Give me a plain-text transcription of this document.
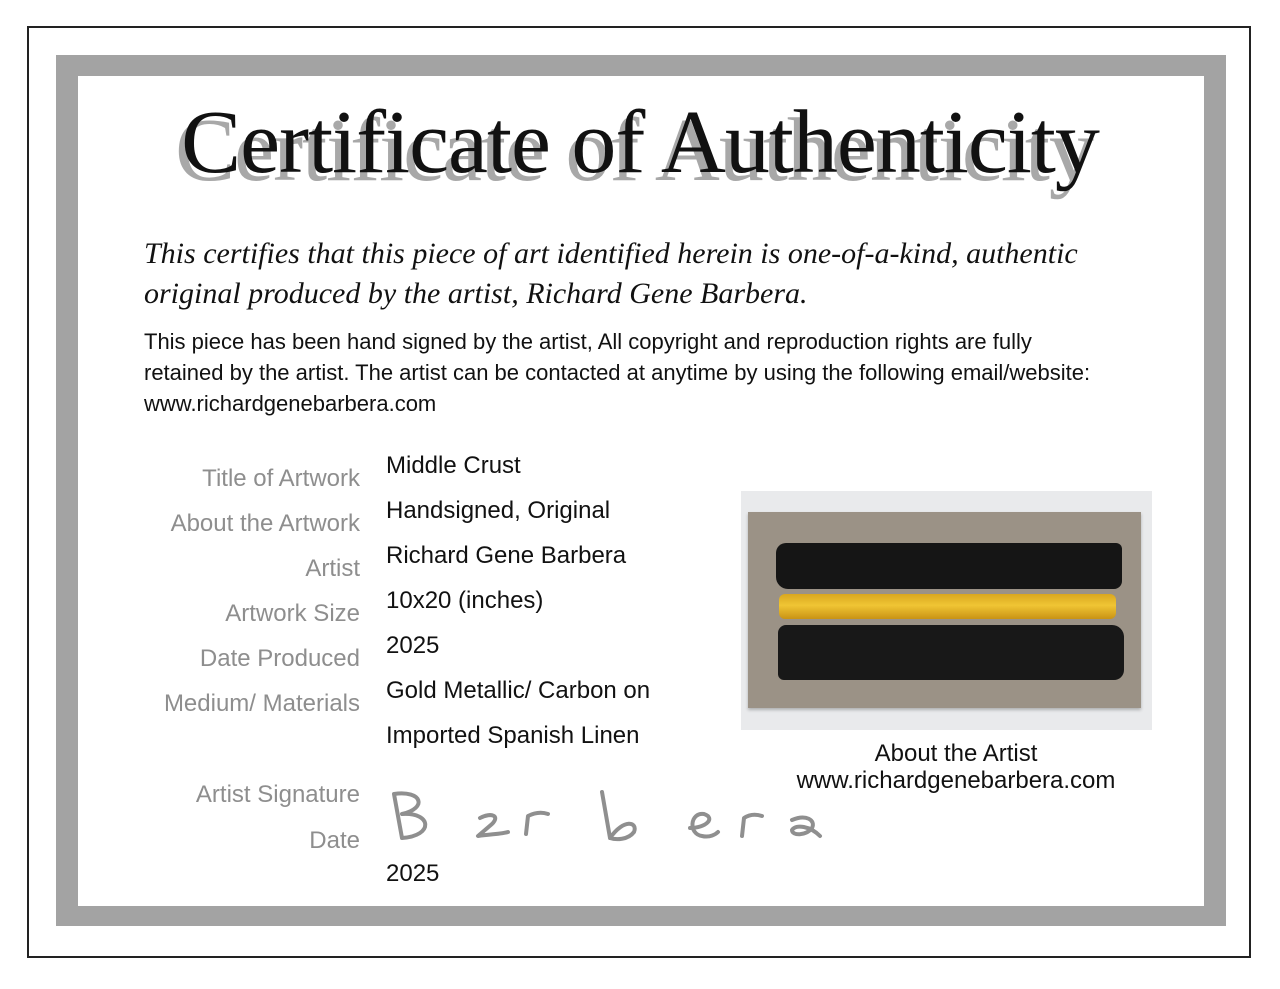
Certificate of Authenticity

This certifies that this piece of art identified herein is one-of-a-kind, authentic original produced by the artist, Richard Gene Barbera.

This piece has been hand signed by the artist, All copyright and reproduction rights are fully retained by the artist. The artist can be contacted at anytime by using the following email/website: www.richardgenebarbera.com

Title of Artwork Middle Crust
About the Artwork Handsigned, Original
Artist Richard Gene Barbera
Artwork Size 10x20 (inches)
Date Produced 2025
Medium/ Materials Gold Metallic/ Carbon on
Imported Spanish Linen
Artist Signature
Date
2025
About the Artist
www.richardgenebarbera.com
